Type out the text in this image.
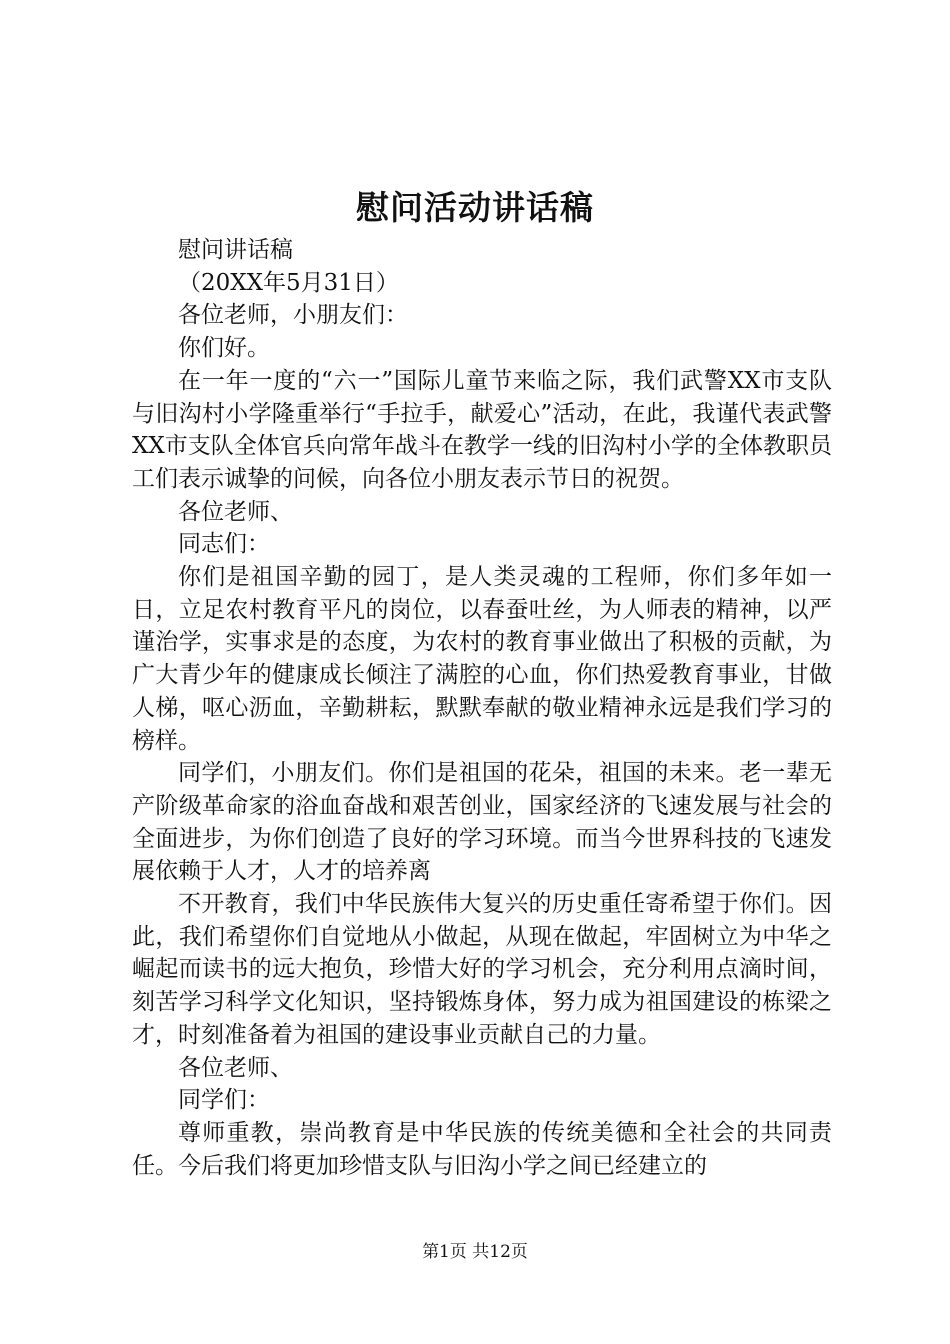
慰问活动讲话稿

慰问讲话稿

（20XX年5月31日）

各位老师，小朋友们：

你们好。

在一年一度的“六一”国际儿童节来临之际，我们武警XX市支队与旧沟村小学隆重举行“手拉手，献爱心”活动，在此，我谨代表武警XX市支队全体官兵向常年战斗在教学一线的旧沟村小学的全体教职员工们表示诚挚的问候，向各位小朋友表示节日的祝贺。

各位老师、

同志们：

你们是祖国辛勤的园丁，是人类灵魂的工程师，你们多年如一日，立足农村教育平凡的岗位，以春蚕吐丝，为人师表的精神，以严谨治学，实事求是的态度，为农村的教育事业做出了积极的贡献，为广大青少年的健康成长倾注了满腔的心血，你们热爱教育事业，甘做人梯，呕心沥血，辛勤耕耘，默默奉献的敬业精神永远是我们学习的榜样。

同学们，小朋友们。你们是祖国的花朵，祖国的未来。老一辈无产阶级革命家的浴血奋战和艰苦创业，国家经济的飞速发展与社会的全面进步，为你们创造了良好的学习环境。而当今世界科技的飞速发展依赖于人才，人才的培养离

不开教育，我们中华民族伟大复兴的历史重任寄希望于你们。因此，我们希望你们自觉地从小做起，从现在做起，牢固树立为中华之崛起而读书的远大抱负，珍惜大好的学习机会，充分利用点滴时间，刻苦学习科学文化知识，坚持锻炼身体，努力成为祖国建设的栋梁之才，时刻准备着为祖国的建设事业贡献自己的力量。

各位老师、

同学们：

尊师重教，崇尚教育是中华民族的传统美德和全社会的共同责任。今后我们将更加珍惜支队与旧沟小学之间已经建立的

第1页 共12页
